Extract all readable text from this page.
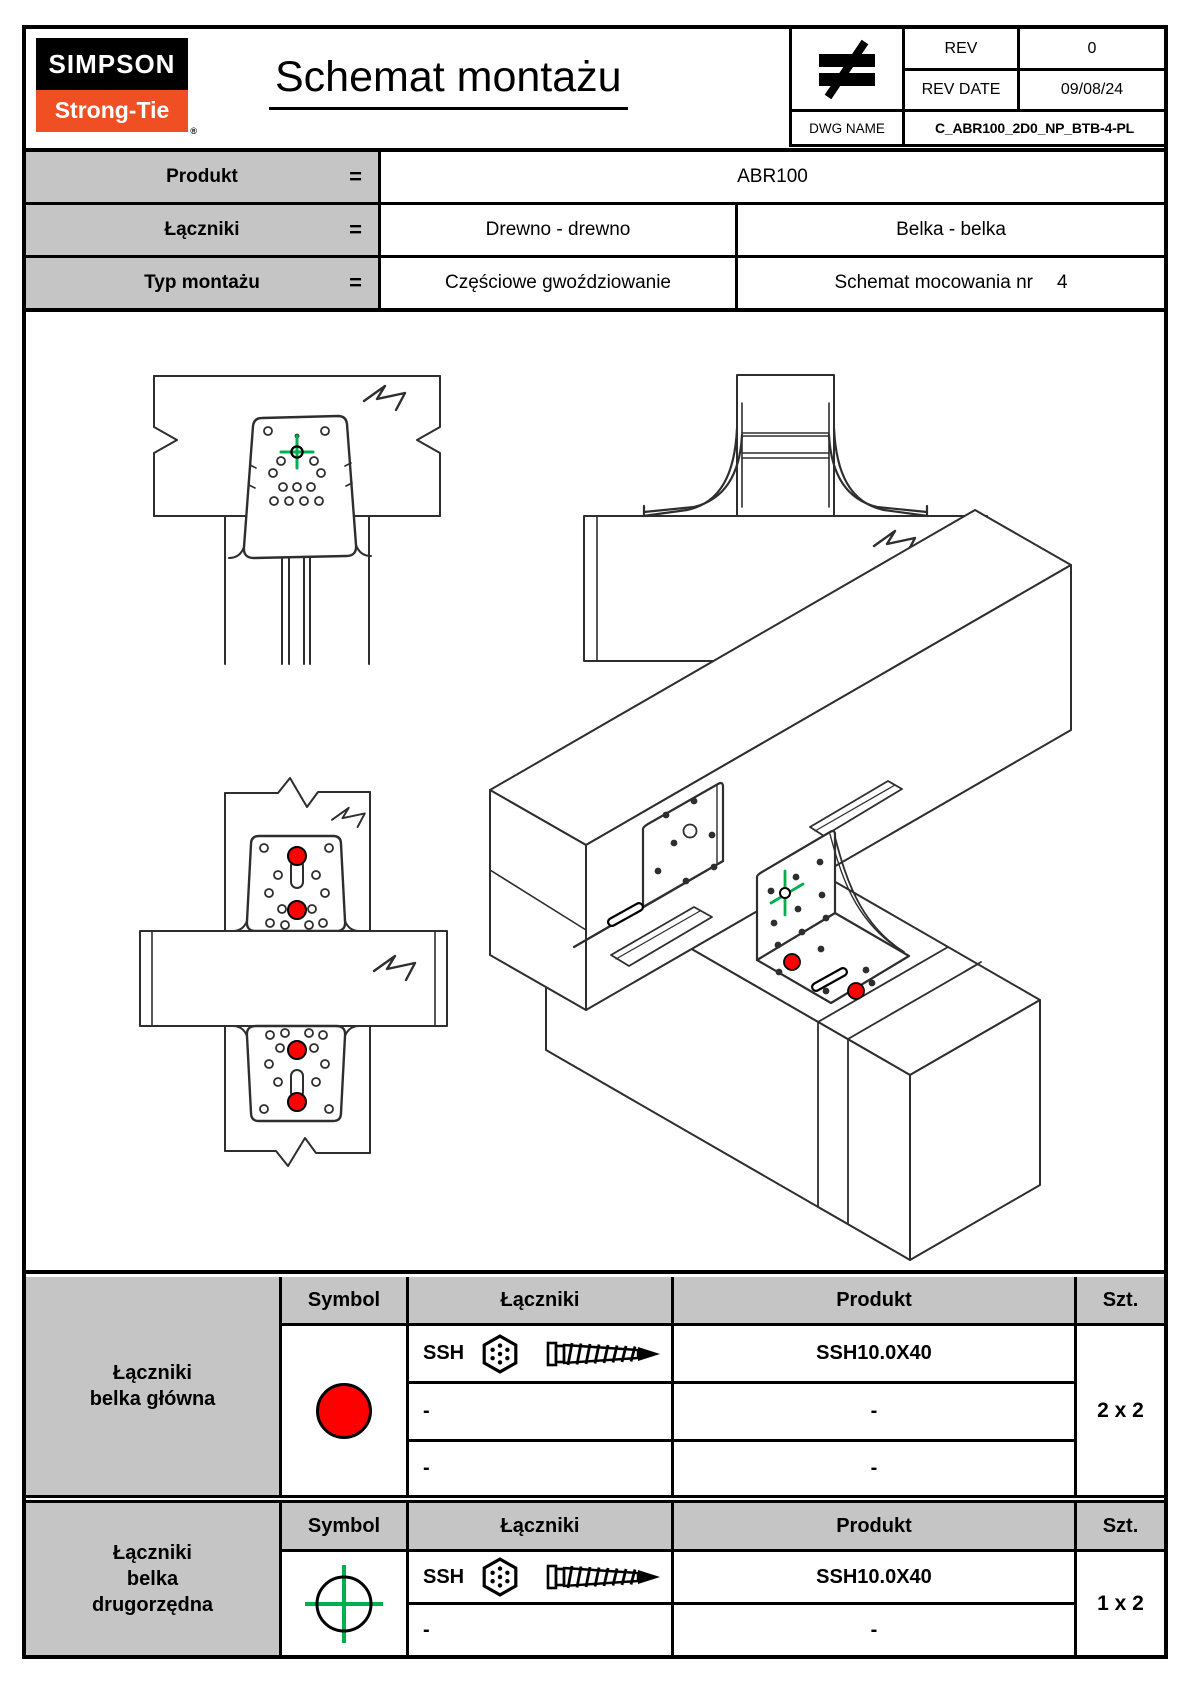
SIMPSON
Strong-Tie
®
Schemat montażu
REV	0
REV DATE	09/08/24
DWG NAME	C_ABR100_2D0_NP_BTB-4-PL
Produkt	=	ABR100
Łączniki	=	Drewno - drewno	Belka - belka
Typ montażu	=	Częściowe gwoździowanie	Schemat mocowania nr 4
Łączniki
belka główna
Symbol	Łączniki	Produkt	Szt.
SSH	SSH10.0X40
2 x 2
-	-
-	-
Łączniki
belka
drugorzędna
Symbol	Łączniki	Produkt	Szt.
SSH	SSH10.0X40
1 x 2
-	-
